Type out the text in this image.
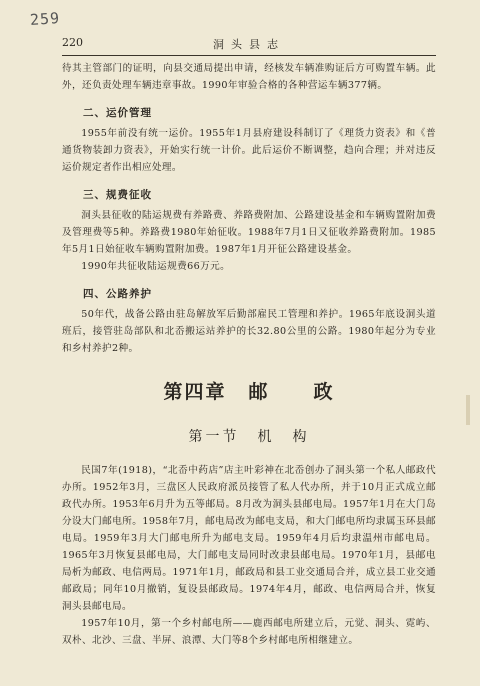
259
220	洞头县志

待其主管部门的证明，向县交通局提出申请，经核发车辆准购证后方可购置车辆。此外，还负责处理车辆违章事故。1990年审验合格的各种营运车辆377辆。

二、运价管理

1955年前没有统一运价。1955年1月县府建设科制订了《理货力资表》和《普通货物装卸力资表》，开始实行统一计价。此后运价不断调整，趋向合理；并对违反运价规定者作出相应处理。

三、规费征收

洞头县征收的陆运规费有养路费、养路费附加、公路建设基金和车辆购置附加费及管理费等5种。养路费1980年始征收。1988年7月1日又征收养路费附加。1985年5月1日始征收车辆购置附加费。1987年1月开征公路建设基金。

1990年共征收陆运规费66万元。

四、公路养护

50年代，战备公路由驻岛解放军后勤部雇民工管理和养护。1965年底设洞头道班后，接管驻岛部队和北岙搬运站养护的长32.80公里的公路。1980年起分为专业和乡村养护2种。

第四章 邮 政
第一节 机 构

民国7年(1918)，“北岙中药店”店主叶彩神在北岙创办了洞头第一个私人邮政代办所。1952年3月，三盘区人民政府派员接管了私人代办所，并于10月正式成立邮政代办所。1953年6月升为五等邮局。8月改为洞头县邮电局。1957年1月在大门岛分设大门邮电所。1958年7月，邮电局改为邮电支局，和大门邮电所均隶属玉环县邮电局。1959年3月大门邮电所升为邮电支局。1959年4月后均隶温州市邮电局。1965年3月恢复县邮电局，大门邮电支局同时改隶县邮电局。1970年1月，县邮电局析为邮政、电信两局。1971年1月，邮政局和县工业交通局合并，成立县工业交通邮政局；同年10月撤销，复设县邮政局。1974年4月，邮政、电信两局合并，恢复洞头县邮电局。

1957年10月，第一个乡村邮电所——鹿西邮电所建立后，元觉、洞头、霓屿、双朴、北沙、三盘、半屏、浪潭、大门等8个乡村邮电所相继建立。
